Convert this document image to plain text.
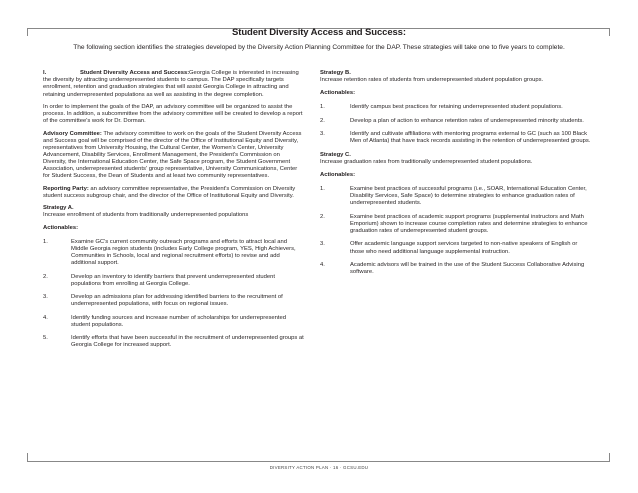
Student Diversity Access and Success:
The following section identifies the strategies developed by the Diversity Action Planning Committee for the DAP. These strategies will take one to five years to complete.

I.	Student Diversity Access and Success: Georgia College is interested in increasing the diversity by attracting underrepresented students to campus. The DAP specifically targets enrollment, retention and graduation strategies that will assist Georgia College in attracting and retaining underrepresented populations as well as assisting in the degree completion.

In order to implement the goals of the DAP, an advisory committee will be organized to assist the process. In addition, a subcommittee from the advisory committee will be created to develop a report of the committee's work for Dr. Dorman.

Advisory Committee: The advisory committee to work on the goals of the Student Diversity Access and Success goal will be comprised of the director of the Office of Institutional Equity and Diversity, representatives from University Housing, the Cultural Center, the Women's Center, University Advancement, Disability Services, Enrollment Management, the President's Commission on Diversity, the International Education Center, the Safe Space program, the Student Government Association, underrepresented students' group representative, University Communications, Center for Student Success, the Dean of Students and at least two community representatives.

Reporting Party: an advisory committee representative, the President's Commission on Diversity student success subgroup chair, and the director of the Office of Institutional Equity and Diversity.

Strategy A.
Increase enrollment of students from traditionally underrepresented populations

Actionables:

1.	Examine GC's current community outreach programs and efforts to attract local and Middle Georgia region students (includes Early College program, YES, High Achievers, Communities in Schools, local and regional recruitment efforts) to revise and add additional support.
2.	Develop an inventory to identify barriers that prevent underrepresented student populations from enrolling at Georgia College.
3.	Develop an admissions plan for addressing identified barriers to the recruitment of underrepresented populations, with focus on regional issues.
4.	Identify funding sources and increase number of scholarships for underrepresented student populations.
5.	Identify efforts that have been successful in the recruitment of underrepresented groups at Georgia College for increased support.

Strategy B.
Increase retention rates of students from underrepresented student population groups.

Actionables:

1.	Identify campus best practices for retaining underrepresented student populations.
2.	Develop a plan of action to enhance retention rates of underrepresented minority students.
3.	Identify and cultivate affiliations with mentoring programs external to GC (such as 100 Black Men of Atlanta) that have track records assisting in the retention of underrepresented groups.

Strategy C.
Increase graduation rates from traditionally underrepresented student populations.

Actionables:

1.	Examine best practices of successful programs (i.e., SOAR, International Education Center, Disability Services, Safe Space) to determine strategies to enhance graduation rates of underrepresented students.
2.	Examine best practices of academic support programs (supplemental instructors and Math Emporium) shown to increase course completion rates and determine strategies to enhance graduation rates of underrepresented student groups.
3.	Offer academic language support services targeted to non-native speakers of English or those who need additional language supplemental instruction.
4.	Academic advisors will be trained in the use of the Student Success Collaborative Advising software.
DIVERSITY ACTION PLAN · 16 · GCSU.EDU
